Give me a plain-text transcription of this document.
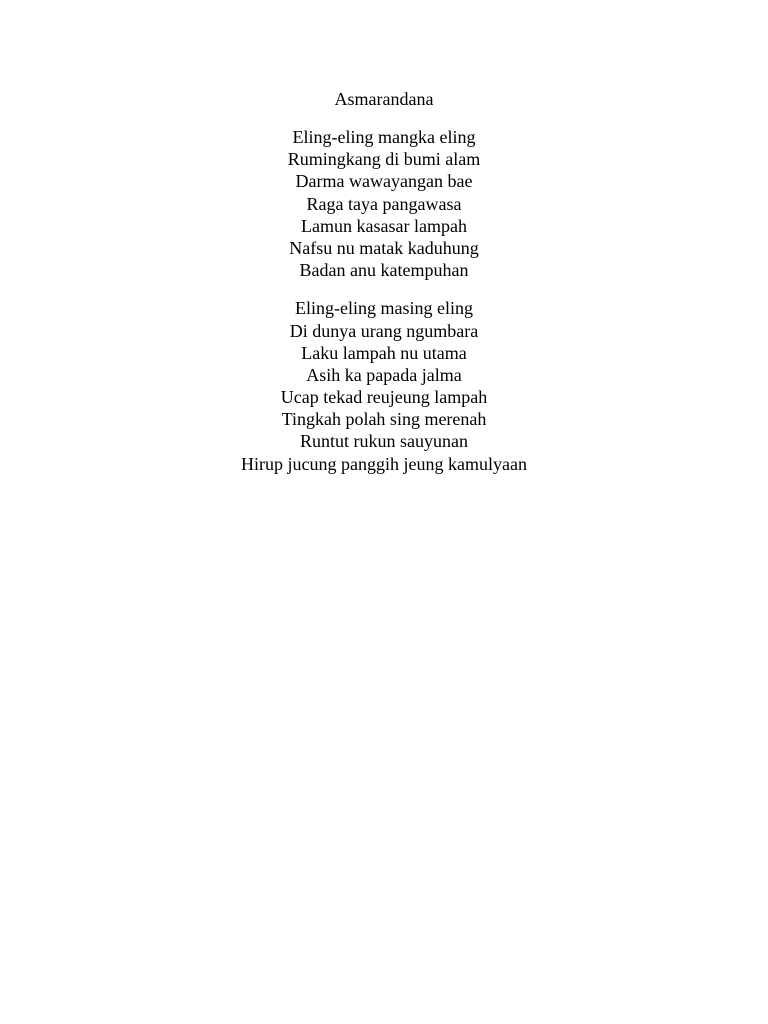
Asmarandana
Eling-eling mangka eling
Rumingkang di bumi alam
Darma wawayangan bae
Raga taya pangawasa
Lamun kasasar lampah
Nafsu nu matak kaduhung
Badan anu katempuhan
Eling-eling masing eling
Di dunya urang ngumbara
Laku lampah nu utama
Asih ka papada jalma
Ucap tekad reujeung lampah
Tingkah polah sing merenah
Runtut rukun sauyunan
Hirup jucung panggih jeung kamulyaan
